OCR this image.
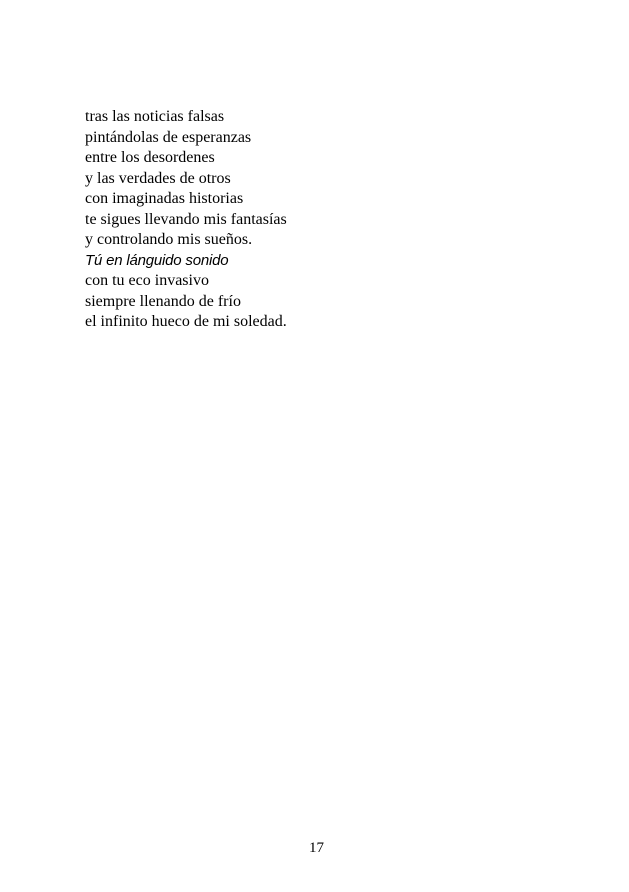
tras las noticias falsas
pintándolas de esperanzas
entre los desordenes
y las verdades de otros
con imaginadas historias
te sigues llevando mis fantasías
y controlando mis sueños.
Tú en lánguido sonido
con tu eco invasivo
siempre llenando de frío
el infinito hueco de mi soledad.
17
